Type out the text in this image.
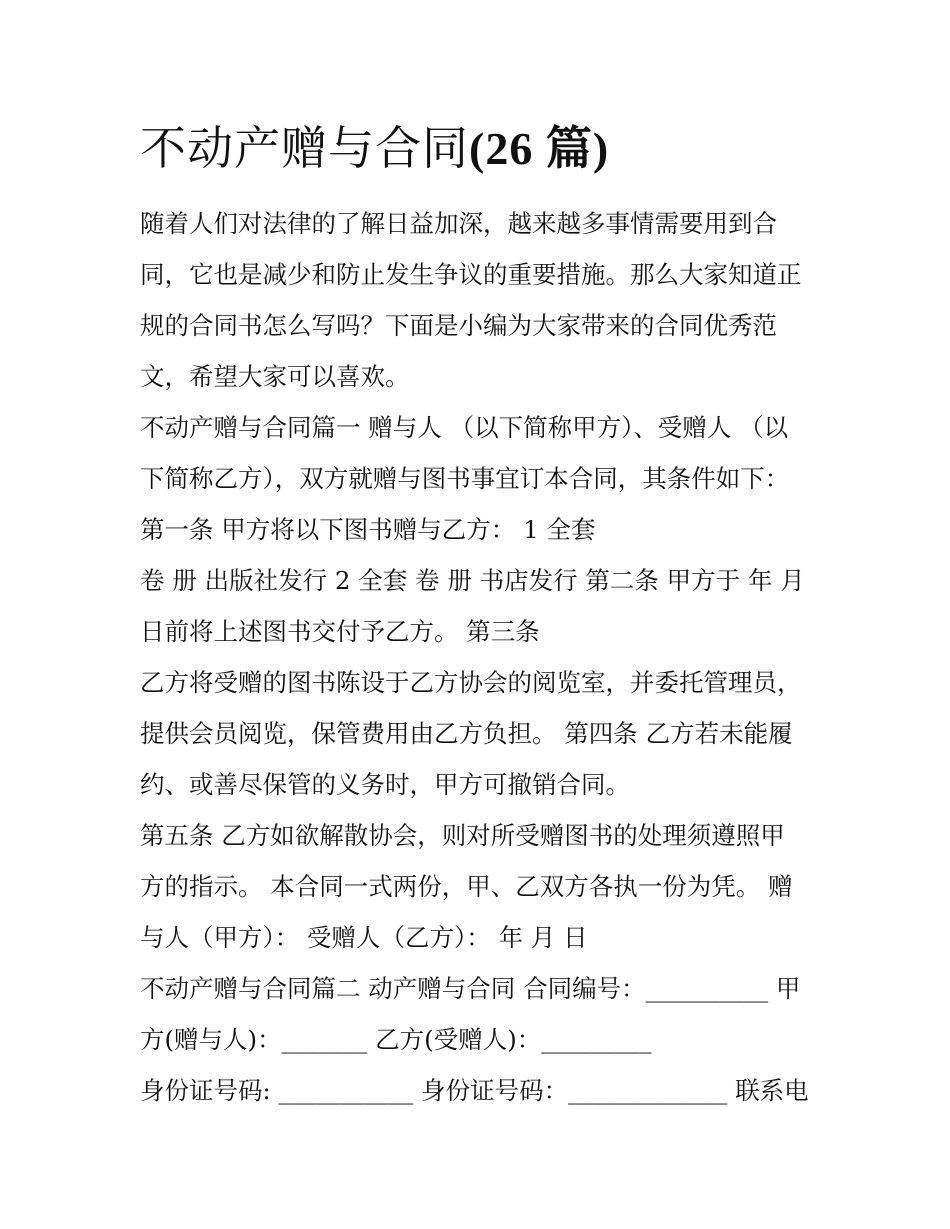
不动产赠与合同(26 篇)
随着人们对法律的了解日益加深，越来越多事情需要用到合
同，它也是减少和防止发生争议的重要措施。那么大家知道正
规的合同书怎么写吗？下面是小编为大家带来的合同优秀范
文，希望大家可以喜欢。
不动产赠与合同篇一 赠与人 （以下简称甲方）、受赠人 （以
下简称乙方），双方就赠与图书事宜订本合同，其条件如下：
第一条 甲方将以下图书赠与乙方： 1 全套
卷 册 出版社发行 2 全套 卷 册 书店发行 第二条 甲方于 年 月
日前将上述图书交付予乙方。 第三条
乙方将受赠的图书陈设于乙方协会的阅览室，并委托管理员，
提供会员阅览，保管费用由乙方负担。 第四条 乙方若未能履
约、或善尽保管的义务时，甲方可撤销合同。
第五条 乙方如欲解散协会，则对所受赠图书的处理须遵照甲
方的指示。 本合同一式两份，甲、乙双方各执一份为凭。 赠
与人（甲方）： 受赠人（乙方）： 年 月 日
不动产赠与合同篇二 动产赠与合同 合同编号：__________ 甲
方(赠与人)：_______ 乙方(受赠人)：_________
身份证号码: ___________ 身份证号码：_____________ 联系电
